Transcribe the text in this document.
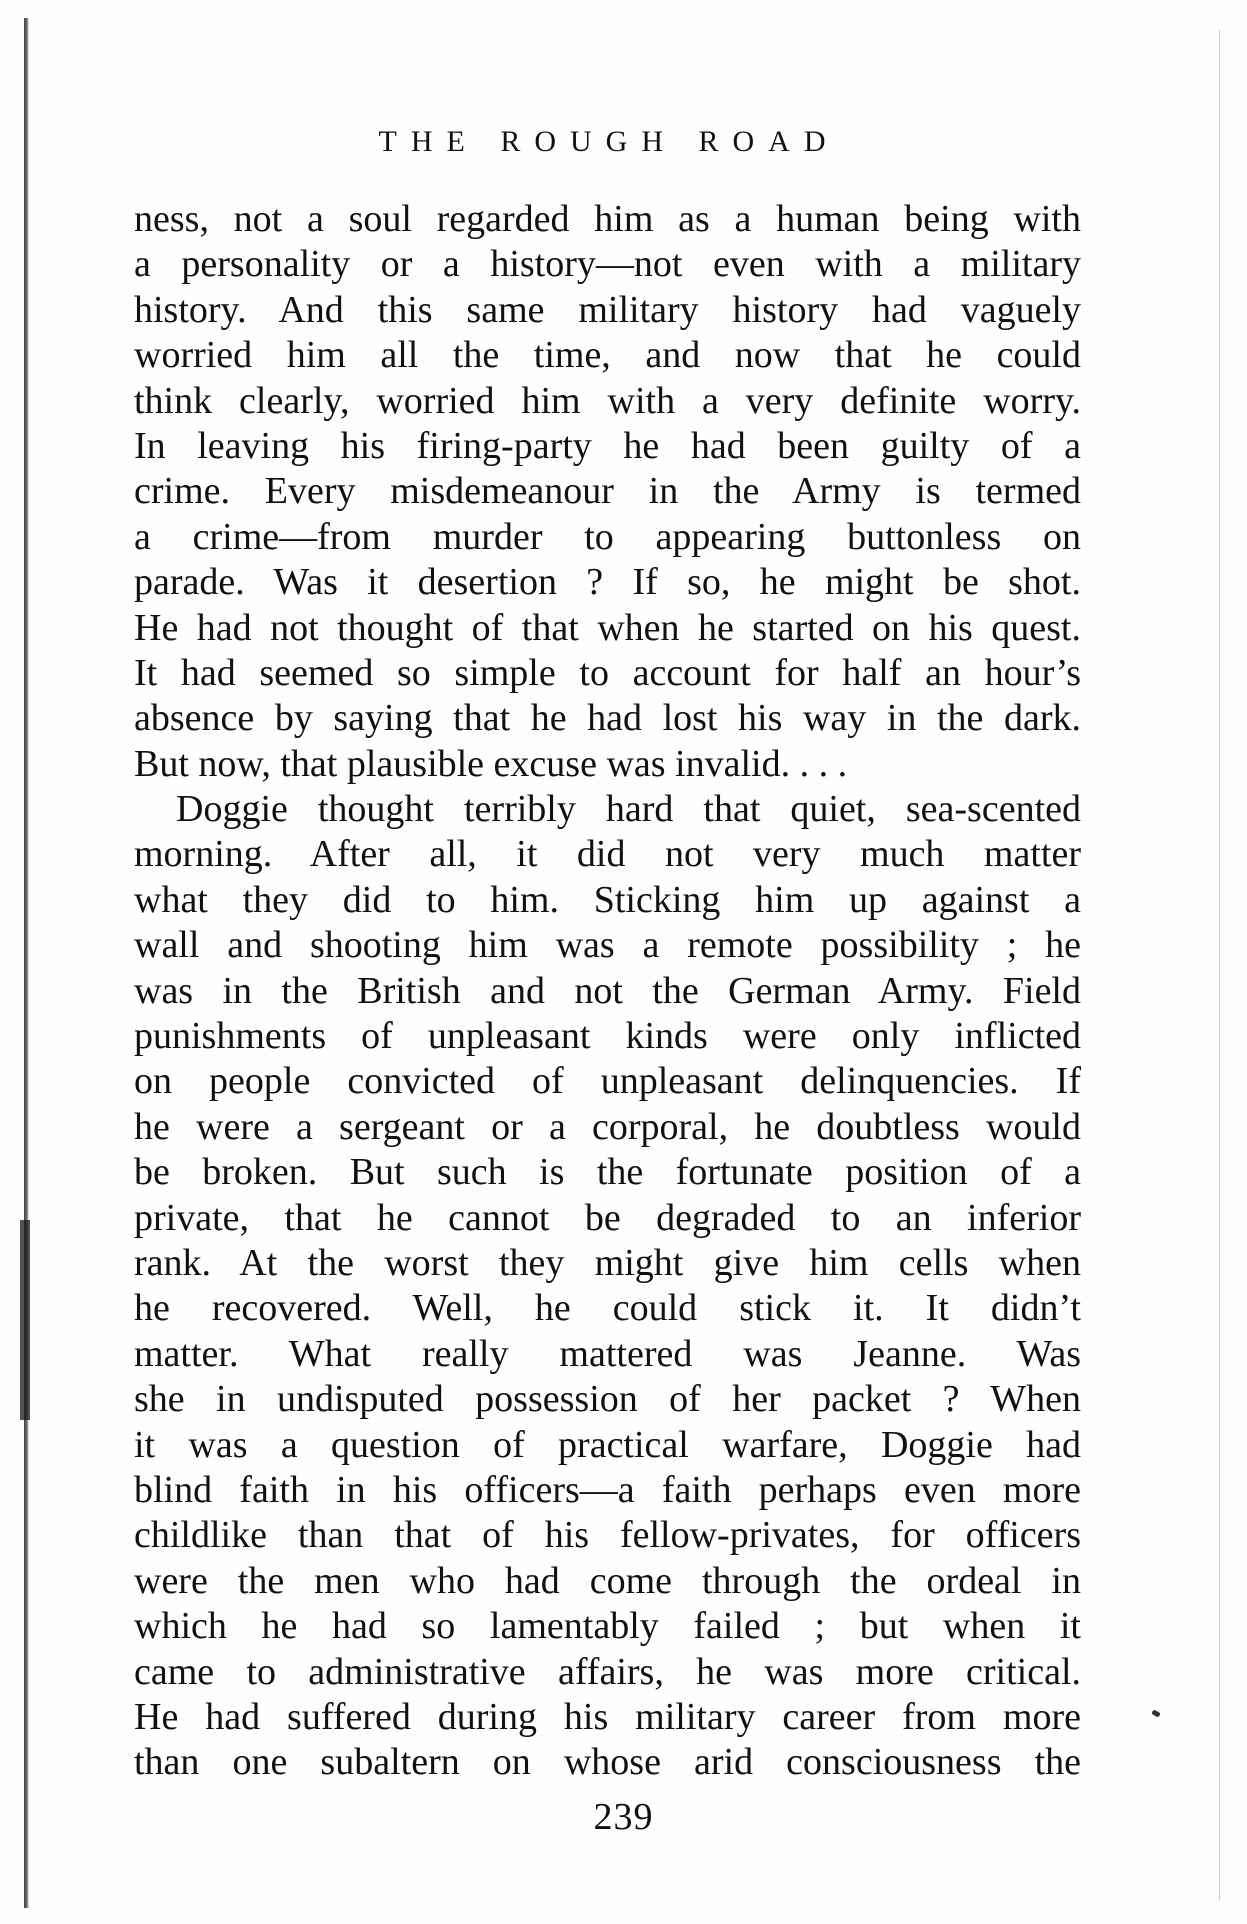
THE ROUGH ROAD
ness, not a soul regarded him as a human being with
a personality or a history—not even with a military
history. And this same military history had vaguely
worried him all the time, and now that he could
think clearly, worried him with a very definite worry.
In leaving his firing-party he had been guilty of a
crime. Every misdemeanour in the Army is termed
a crime—from murder to appearing buttonless on
parade. Was it desertion ? If so, he might be shot.
He had not thought of that when he started on his quest.
It had seemed so simple to account for half an hour’s
absence by saying that he had lost his way in the dark.
But now, that plausible excuse was invalid. . . .
Doggie thought terribly hard that quiet, sea-scented
morning. After all, it did not very much matter
what they did to him. Sticking him up against a
wall and shooting him was a remote possibility ; he
was in the British and not the German Army. Field
punishments of unpleasant kinds were only inflicted
on people convicted of unpleasant delinquencies. If
he were a sergeant or a corporal, he doubtless would
be broken. But such is the fortunate position of a
private, that he cannot be degraded to an inferior
rank. At the worst they might give him cells when
he recovered. Well, he could stick it. It didn’t
matter. What really mattered was Jeanne. Was
she in undisputed possession of her packet ? When
it was a question of practical warfare, Doggie had
blind faith in his officers—a faith perhaps even more
childlike than that of his fellow-privates, for officers
were the men who had come through the ordeal in
which he had so lamentably failed ; but when it
came to administrative affairs, he was more critical.
He had suffered during his military career from more
than one subaltern on whose arid consciousness the
239
